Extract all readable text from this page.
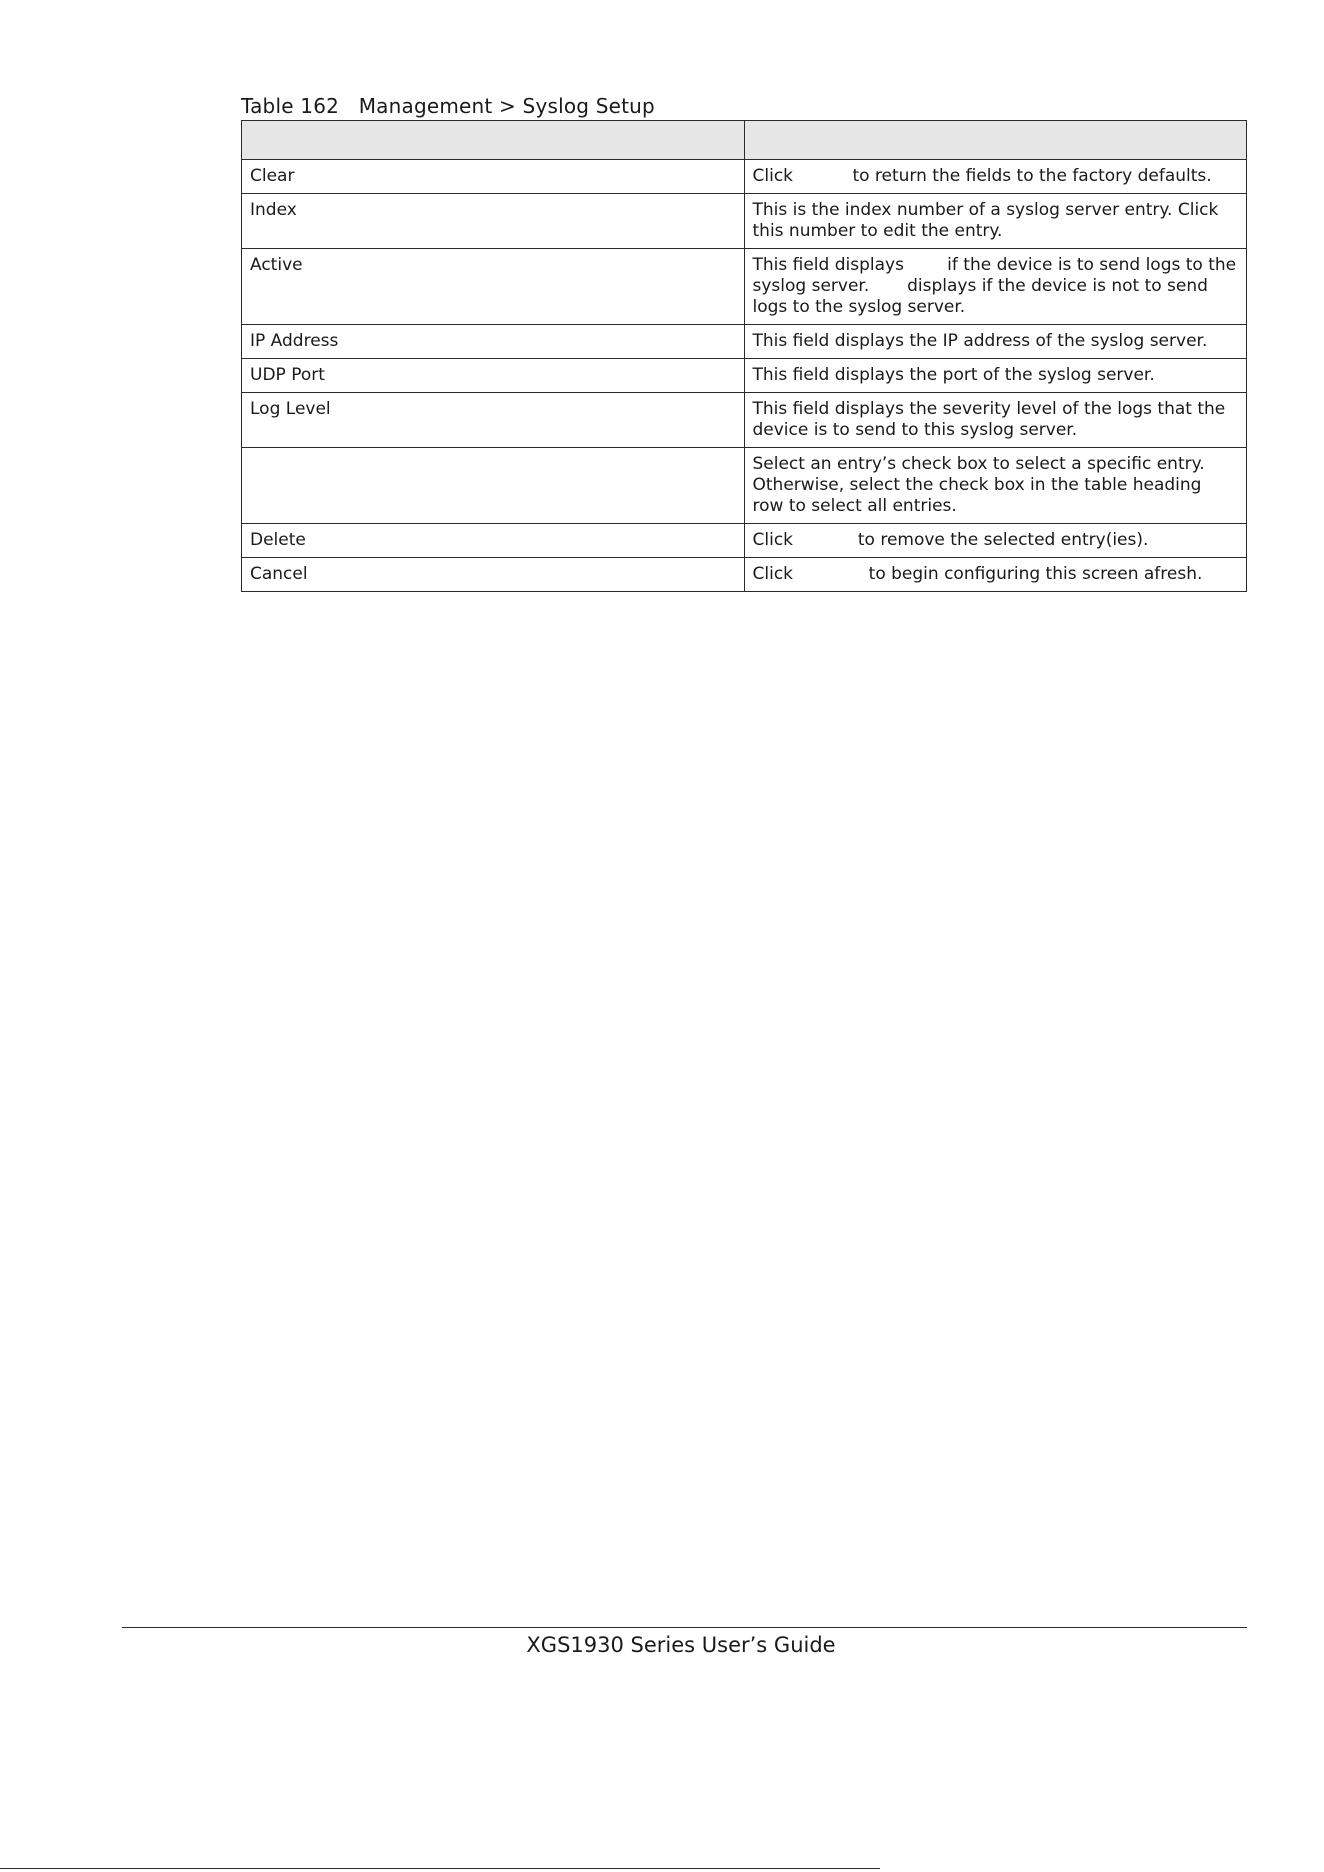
Table 162   Management > Syslog Setup

Clear	Click           to return the fields to the factory defaults.
Index	This is the index number of a syslog server entry. Click this number to edit the entry.
Active	This field displays        if the device is to send logs to the syslog server.       displays if the device is not to send logs to the syslog server.
IP Address	This field displays the IP address of the syslog server.
UDP Port	This field displays the port of the syslog server.
Log Level	This field displays the severity level of the logs that the device is to send to this syslog server.
	Select an entry’s check box to select a specific entry. Otherwise, select the check box in the table heading row to select all entries.
Delete	Click            to remove the selected entry(ies).
Cancel	Click              to begin configuring this screen afresh.
XGS1930 Series User’s Guide
